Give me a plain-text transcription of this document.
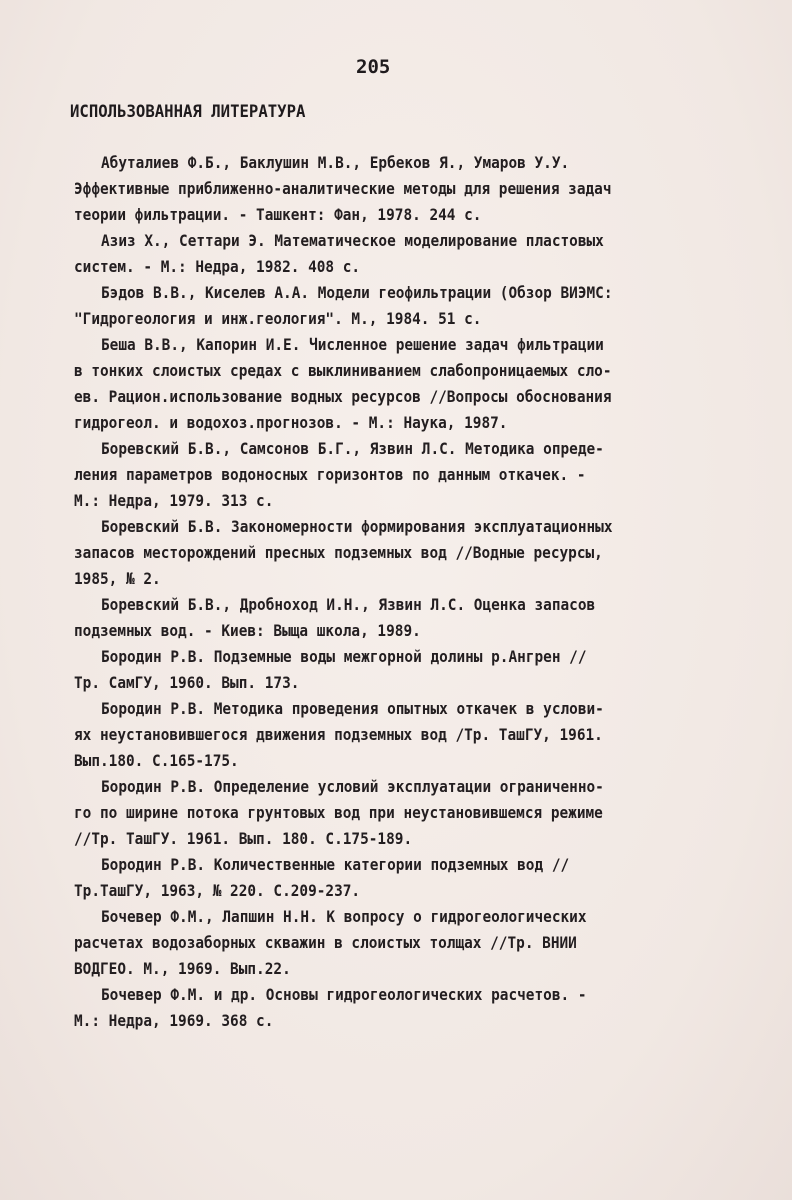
205
ИСПОЛЬЗОВАННАЯ ЛИТЕРАТУРА
Абуталиев Ф.Б., Баклушин М.В., Ербеков Я., Умаров У.У.
Эффективные приближенно-аналитические методы для решения задач
теории фильтрации. - Ташкент: Фан, 1978. 244 с.
Азиз Х., Сеттари Э. Математическое моделирование пластовых
систем. - М.: Недра, 1982. 408 с.
Бэдов В.В., Киселев А.А. Модели геофильтрации (Обзор ВИЭМС:
"Гидрогеология и инж.геология". М., 1984. 51 с.
Беша В.В., Капорин И.Е. Численное решение задач фильтрации
в тонких слоистых средах с выклиниванием слабопроницаемых сло-
ев. Рацион.использование водных ресурсов //Вопросы обоснования
гидрогеол. и водохоз.прогнозов. - М.: Наука, 1987.
Боревский Б.В., Самсонов Б.Г., Язвин Л.С. Методика опреде-
ления параметров водоносных горизонтов по данным откачек. -
М.: Недра, 1979. 313 с.
Боревский Б.В. Закономерности формирования эксплуатационных
запасов месторождений пресных подземных вод //Водные ресурсы,
1985, № 2.
Боревский Б.В., Дробноход И.Н., Язвин Л.С. Оценка запасов
подземных вод. - Киев: Выща школа, 1989.
Бородин Р.В. Подземные воды межгорной долины р.Ангрен //
Тр. СамГУ, 1960. Вып. 173.
Бородин Р.В. Методика проведения опытных откачек в услови-
ях неустановившегося движения подземных вод /Тр. ТашГУ, 1961.
Вып.180. С.165-175.
Бородин Р.В. Определение условий эксплуатации ограниченно-
го по ширине потока грунтовых вод при неустановившемся режиме
//Тр. ТашГУ. 1961. Вып. 180. С.175-189.
Бородин Р.В. Количественные категории подземных вод //
Тр.ТашГУ, 1963, № 220. С.209-237.
Бочевер Ф.М., Лапшин Н.Н. К вопросу о гидрогеологических
расчетах водозаборных скважин в слоистых толщах //Тр. ВНИИ
ВОДГЕО. М., 1969. Вып.22.
Бочевер Ф.М. и др. Основы гидрогеологических расчетов. -
М.: Недра, 1969. 368 с.
